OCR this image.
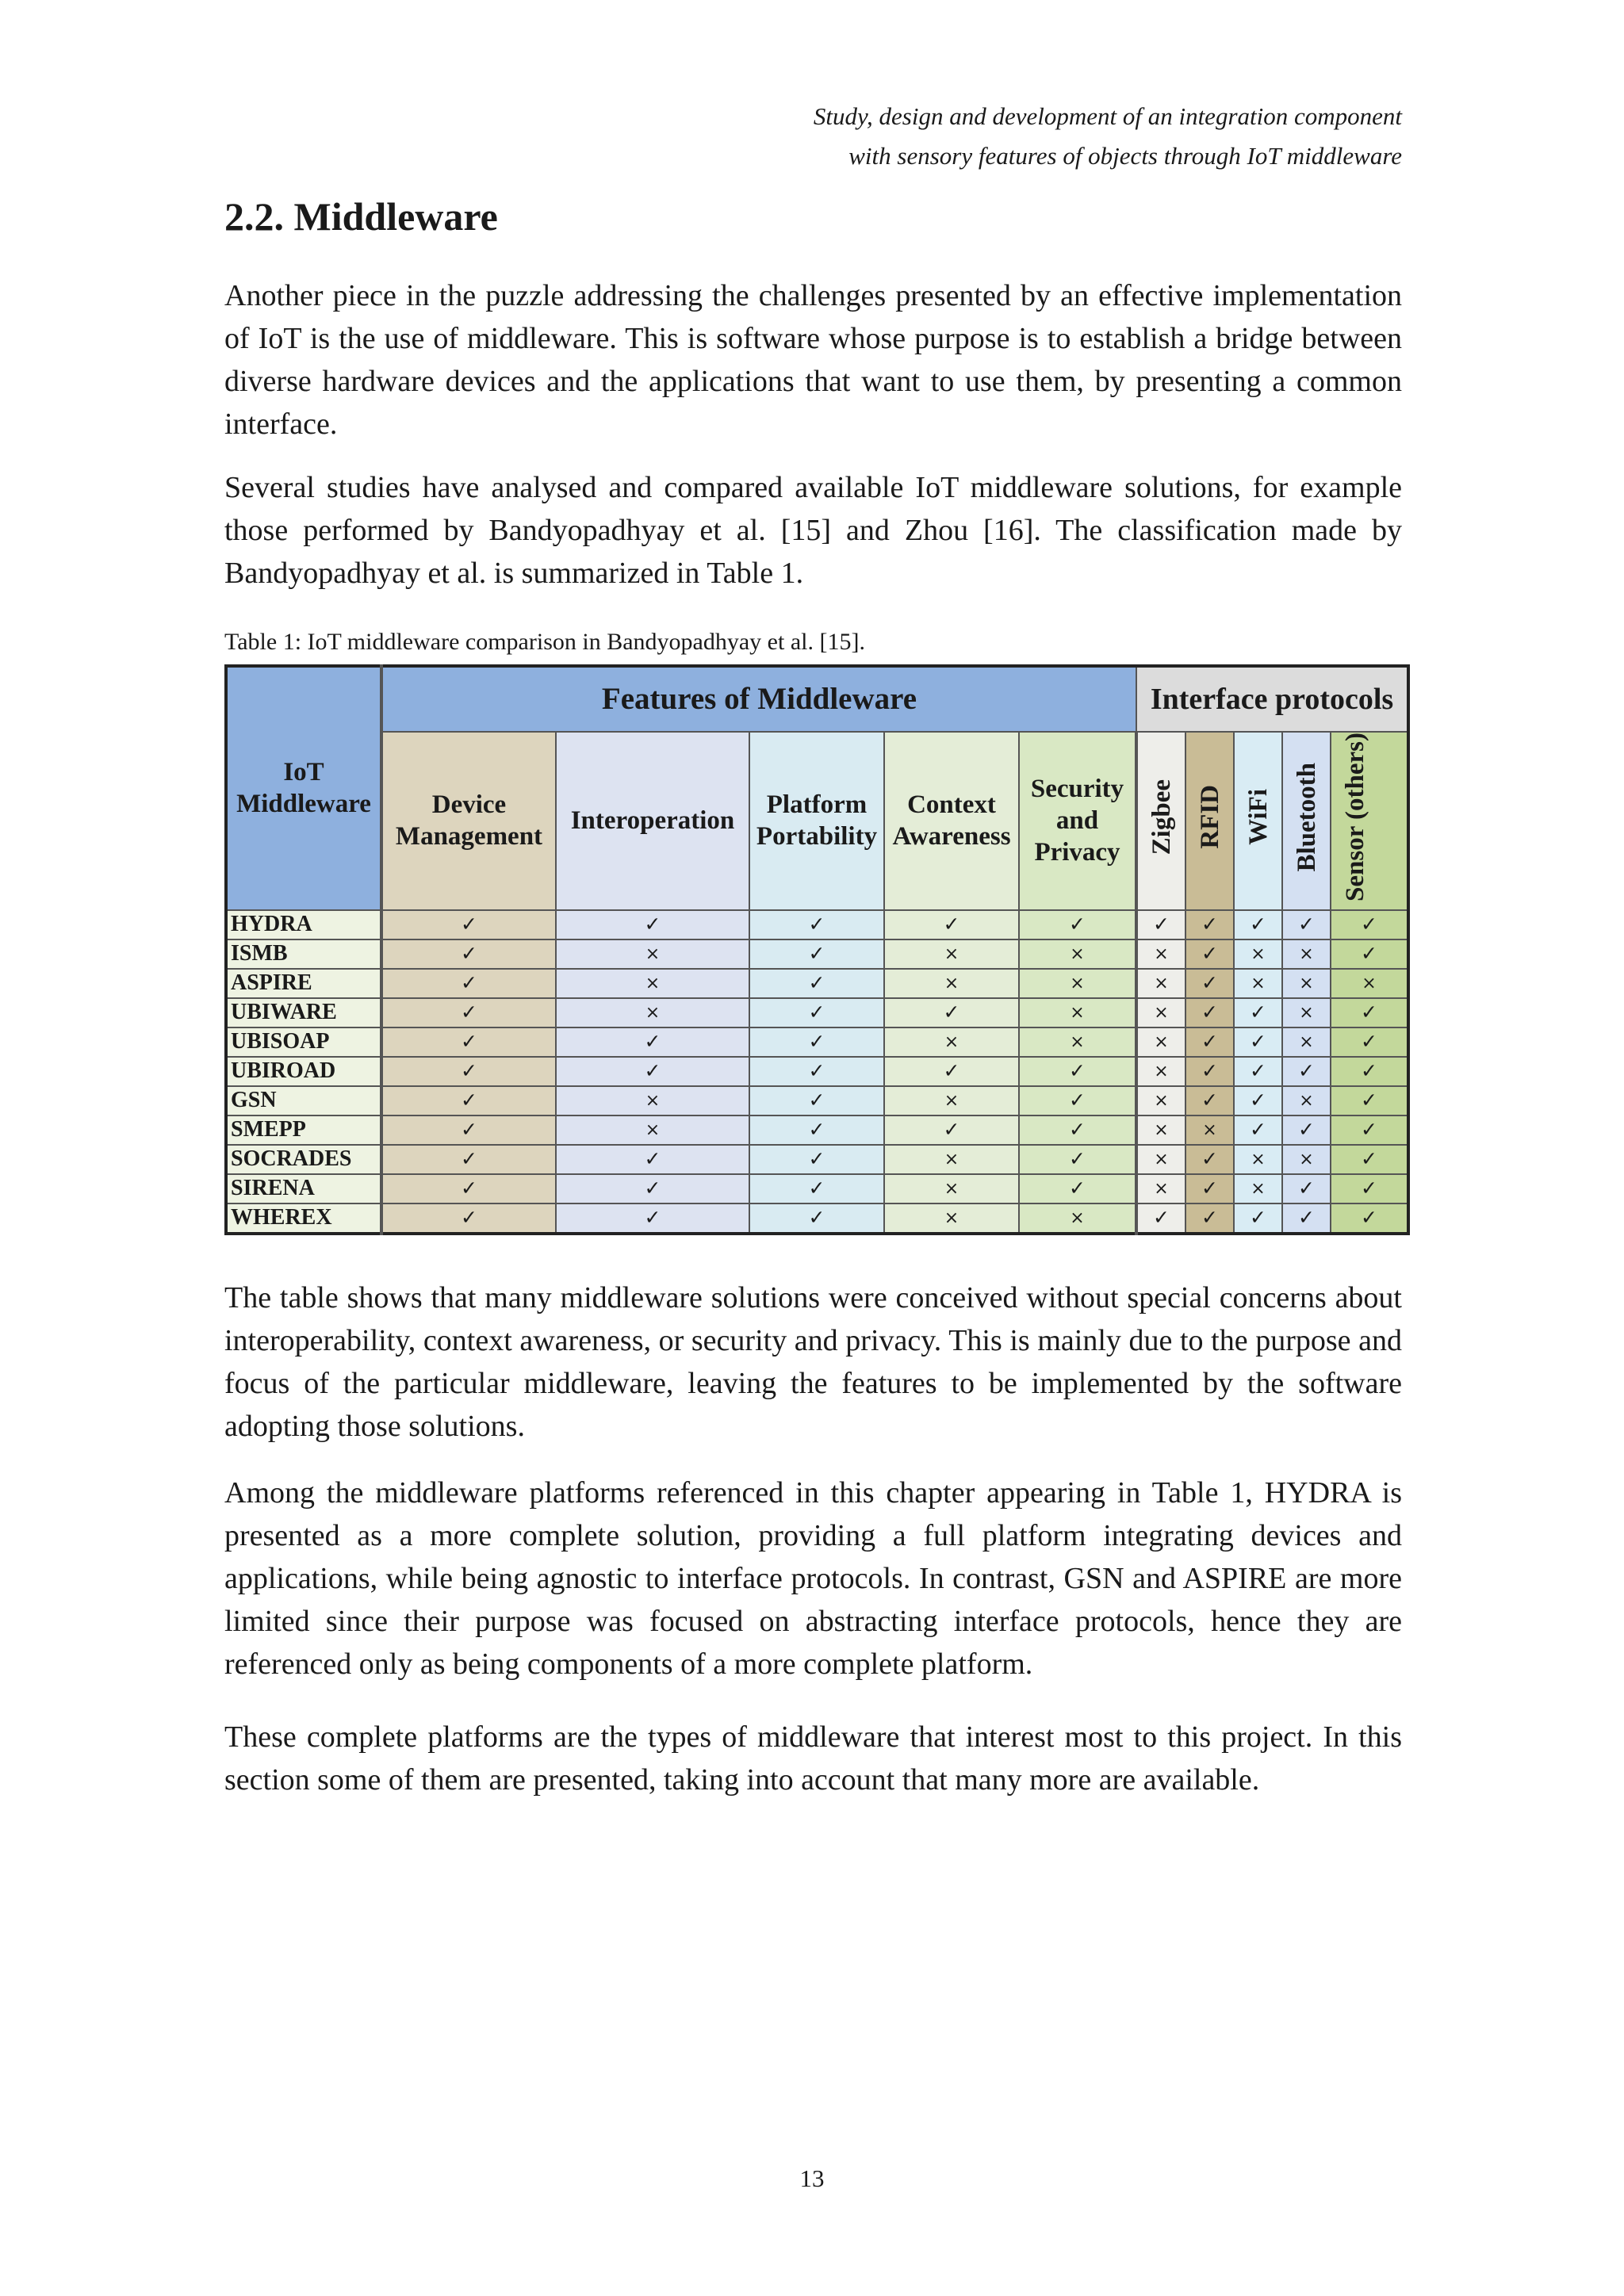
Study, design and development of an integration component
with sensory features of objects through IoT middleware
2.2. Middleware

Another piece in the puzzle addressing the challenges presented by an effective implementation of IoT is the use of middleware. This is software whose purpose is to establish a bridge between diverse hardware devices and the applications that want to use them, by presenting a common interface.

Several studies have analysed and compared available IoT middleware solutions, for example those performed by Bandyopadhyay et al. [15] and Zhou [16]. The classification made by Bandyopadhyay et al. is summarized in Table 1.

Table 1: IoT middleware comparison in Bandyopadhyay et al. [15].
IoT Middleware	Features of Middleware					Interface protocols				
	Device Management	Interoperation	Platform Portability	Context Awareness	Security and Privacy	Zigbee	RFID	WiFi	Bluetooth	Sensor (others)
HYDRA	✓	✓	✓	✓	✓	✓	✓	✓	✓	✓
ISMB	✓	×	✓	×	×	×	✓	×	×	✓
ASPIRE	✓	×	✓	×	×	×	✓	×	×	×
UBIWARE	✓	×	✓	✓	×	×	✓	✓	×	✓
UBISOAP	✓	✓	✓	×	×	×	✓	✓	×	✓
UBIROAD	✓	✓	✓	✓	✓	×	✓	✓	✓	✓
GSN	✓	×	✓	×	✓	×	✓	✓	×	✓
SMEPP	✓	×	✓	✓	✓	×	×	✓	✓	✓
SOCRADES	✓	✓	✓	×	✓	×	✓	×	×	✓
SIRENA	✓	✓	✓	×	✓	×	✓	×	✓	✓
WHEREX	✓	✓	✓	×	×	✓	✓	✓	✓	✓

The table shows that many middleware solutions were conceived without special concerns about interoperability, context awareness, or security and privacy. This is mainly due to the purpose and focus of the particular middleware, leaving the features to be implemented by the software adopting those solutions.

Among the middleware platforms referenced in this chapter appearing in Table 1, HYDRA is presented as a more complete solution, providing a full platform integrating devices and applications, while being agnostic to interface protocols. In contrast, GSN and ASPIRE are more limited since their purpose was focused on abstracting interface protocols, hence they are referenced only as being components of a more complete platform.

These complete platforms are the types of middleware that interest most to this project. In this section some of them are presented, taking into account that many more are available.

13
